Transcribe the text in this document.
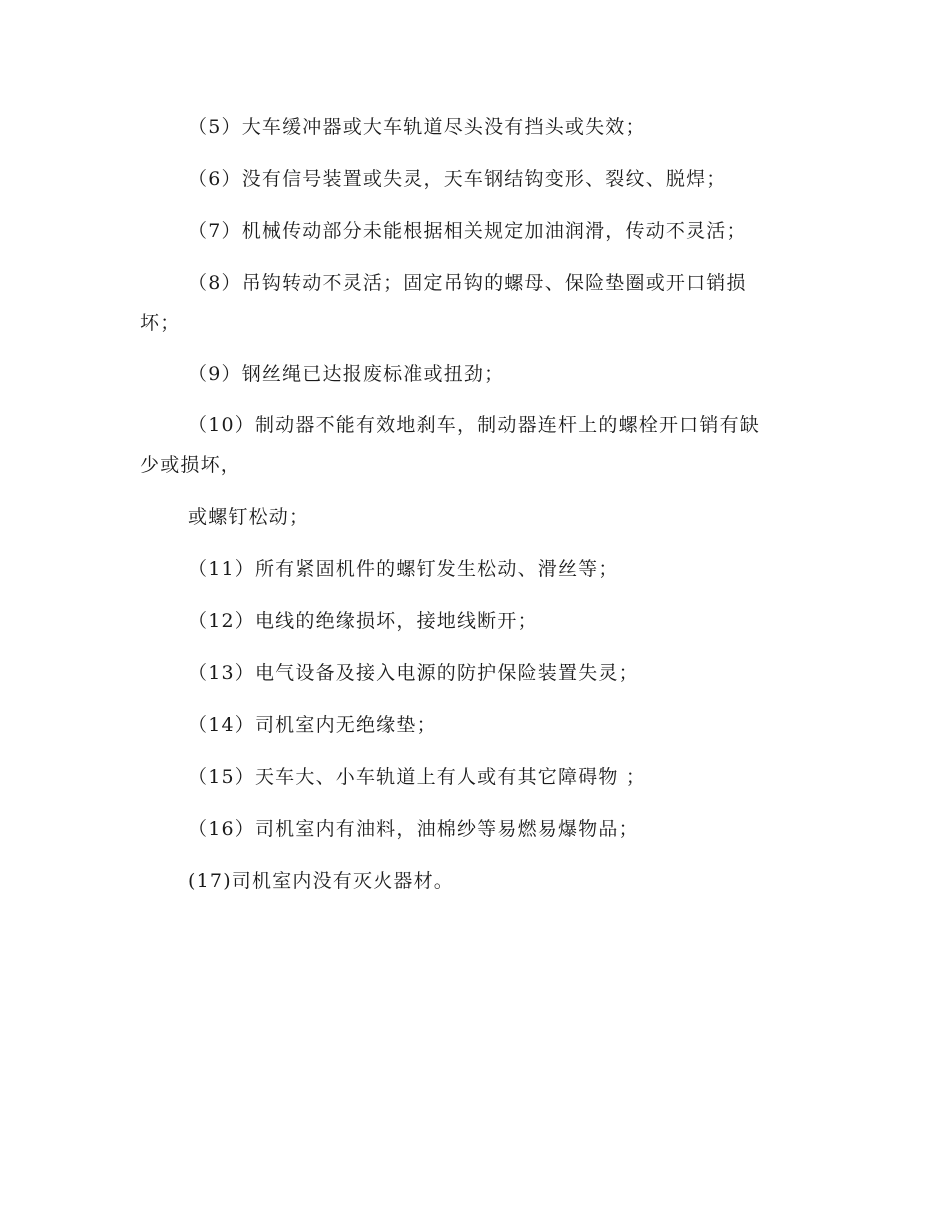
（5）大车缓冲器或大车轨道尽头没有挡头或失效；
（6）没有信号装置或失灵，天车钢结钩变形、裂纹、脱焊；
（7）机械传动部分未能根据相关规定加油润滑，传动不灵活；
（8）吊钩转动不灵活；固定吊钩的螺母、保险垫圈或开口销损
坏；
（9）钢丝绳已达报废标准或扭劲；
（10）制动器不能有效地刹车，制动器连杆上的螺栓开口销有缺
少或损坏，
或螺钉松动；
（11）所有紧固机件的螺钉发生松动、滑丝等；
（12）电线的绝缘损坏，接地线断开；
（13）电气设备及接入电源的防护保险装置失灵；
（14）司机室内无绝缘垫；
（15）天车大、小车轨道上有人或有其它障碍物 ；
（16）司机室内有油料，油棉纱等易燃易爆物品；
(17)司机室内没有灭火器材。
